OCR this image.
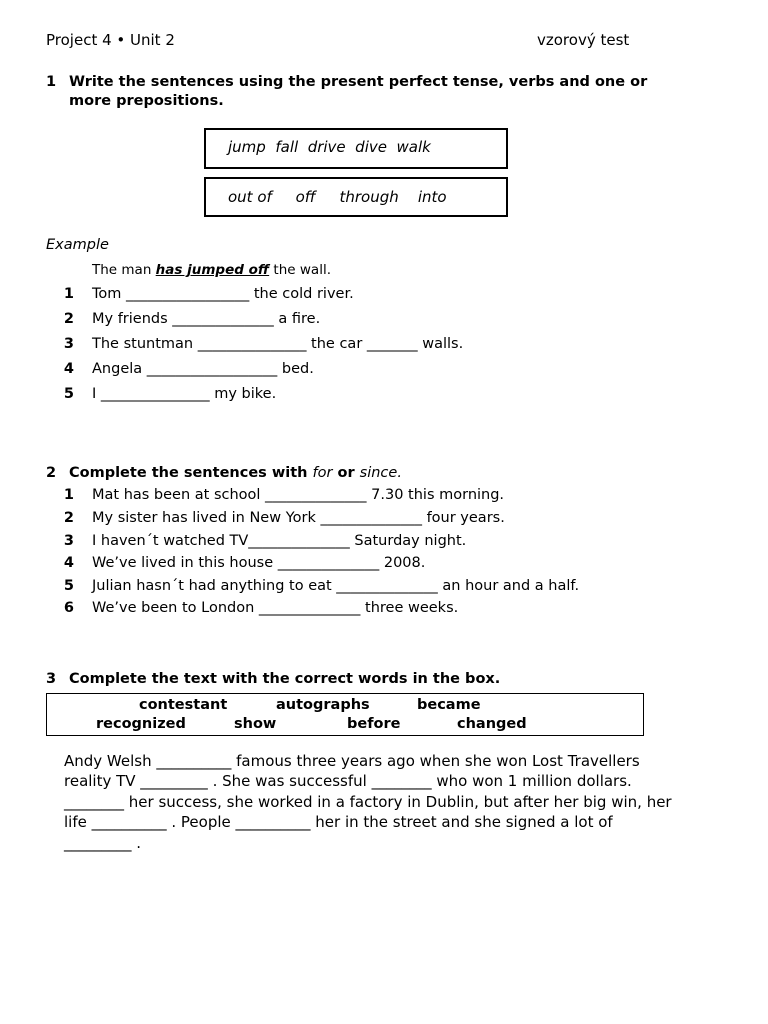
Project 4 • Unit 2	vzorový test
1 Write the sentences using the present perfect tense, verbs and one or
more prepositions.
jump  fall  drive  dive  walk
out of     off     through    into
Example
The man has jumped off the wall.
1 Tom _________________ the cold river.
2 My friends ______________ a fire.
3 The stuntman _______________ the car _______ walls.
4 Angela __________________ bed.
5 I _______________ my bike.
2 Complete the sentences with for or since.
1 Mat has been at school ______________ 7.30 this morning.
2 My sister has lived in New York ______________ four years.
3 I haven´t watched TV______________ Saturday night.
4 We’ve lived in this house ______________ 2008.
5 Julian hasn´t had anything to eat ______________ an hour and a half.
6 We’ve been to London ______________ three weeks.
3 Complete the text with the correct words in the box.
contestant	autographs	became
recognized	show	before	changed
Andy Welsh __________ famous three years ago when she won Lost Travellers
reality TV _________ . She was successful ________ who won 1 million dollars.
________ her success, she worked in a factory in Dublin, but after her big win, her
life __________ . People __________ her in the street and she signed a lot of
_________ .
